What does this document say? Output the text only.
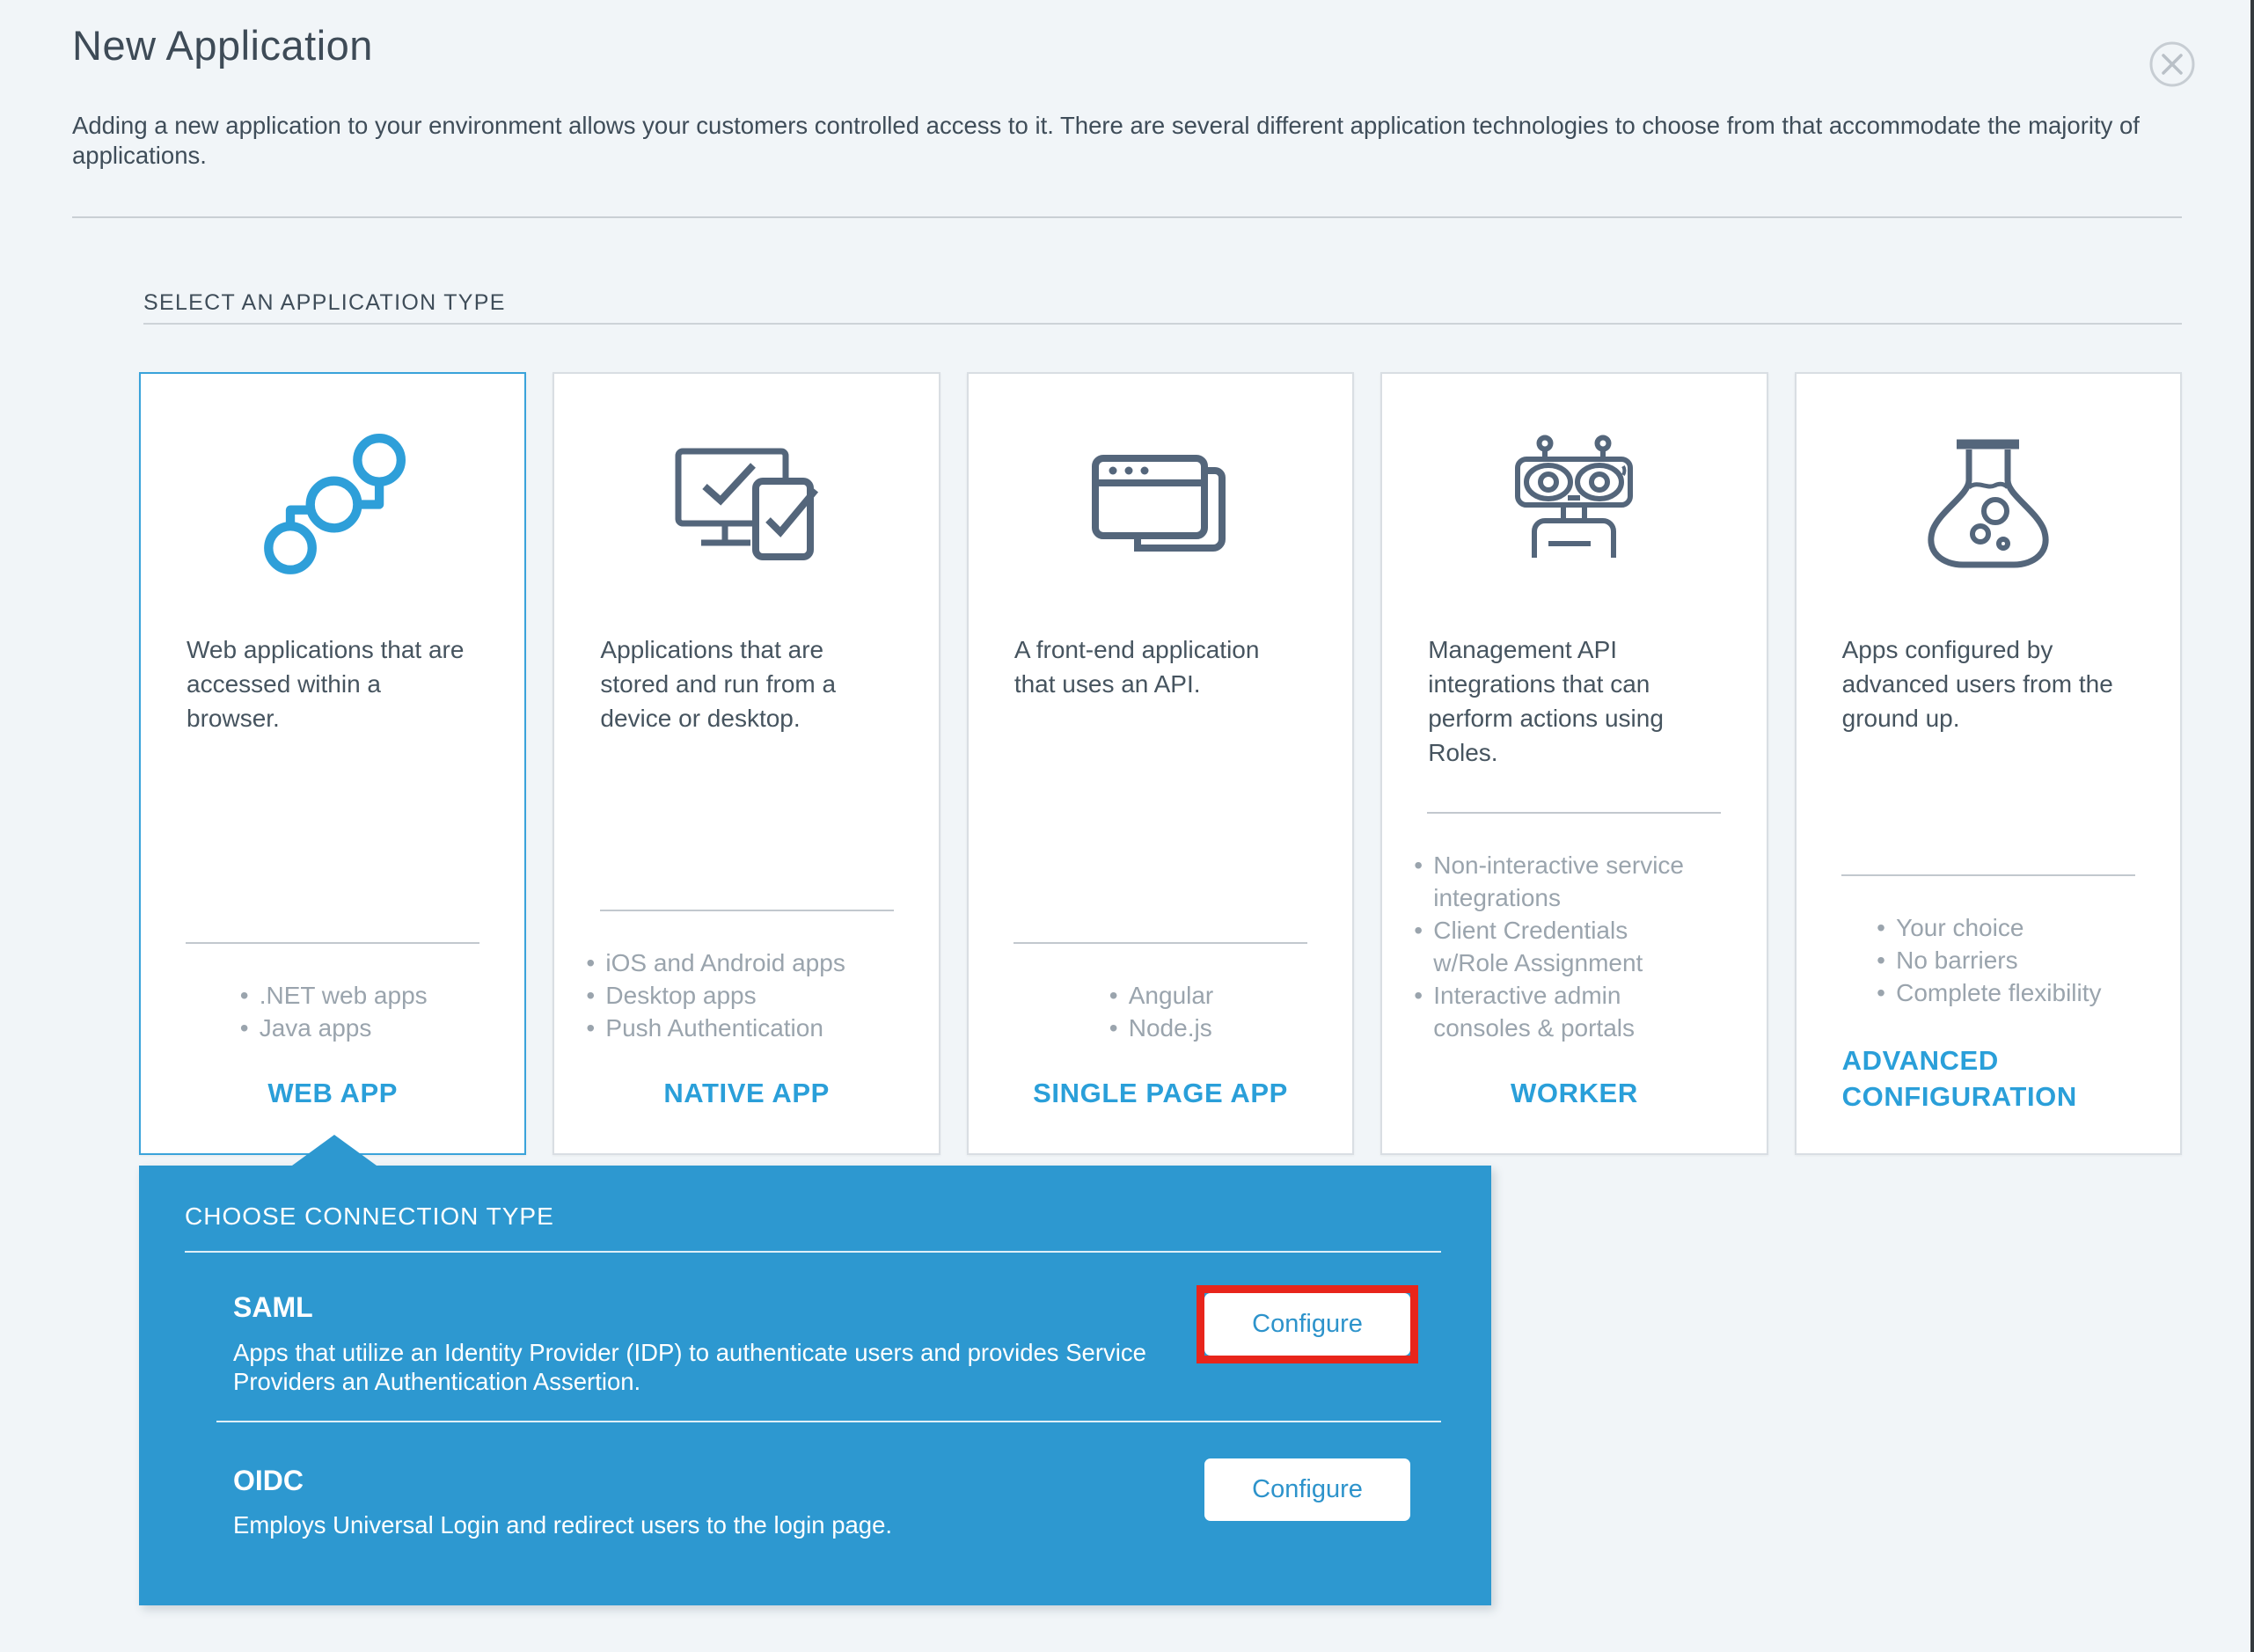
New Application

Adding a new application to your environment allows your customers controlled access to it. There are several different application technologies to choose from that accommodate the majority of applications.

SELECT AN APPLICATION TYPE

Web applications that are accessed within a browser.

• .NET web apps
• Java apps
WEB APP

Applications that are stored and run from a device or desktop.

• iOS and Android apps
• Desktop apps
• Push Authentication
NATIVE APP

A front-end application that uses an API.

• Angular
• Node.js
SINGLE PAGE APP

Management API integrations that can perform actions using Roles.

• Non-interactive service integrations
• Client Credentials w/Role Assignment
• Interactive admin consoles & portals
WORKER

Apps configured by advanced users from the ground up.

• Your choice
• No barriers
• Complete flexibility
ADVANCED CONFIGURATION
CHOOSE CONNECTION TYPE
SAML

Apps that utilize an Identity Provider (IDP) to authenticate users and provides Service Providers an Authentication Assertion.

Configure
OIDC

Employs Universal Login and redirect users to the login page.

Configure
